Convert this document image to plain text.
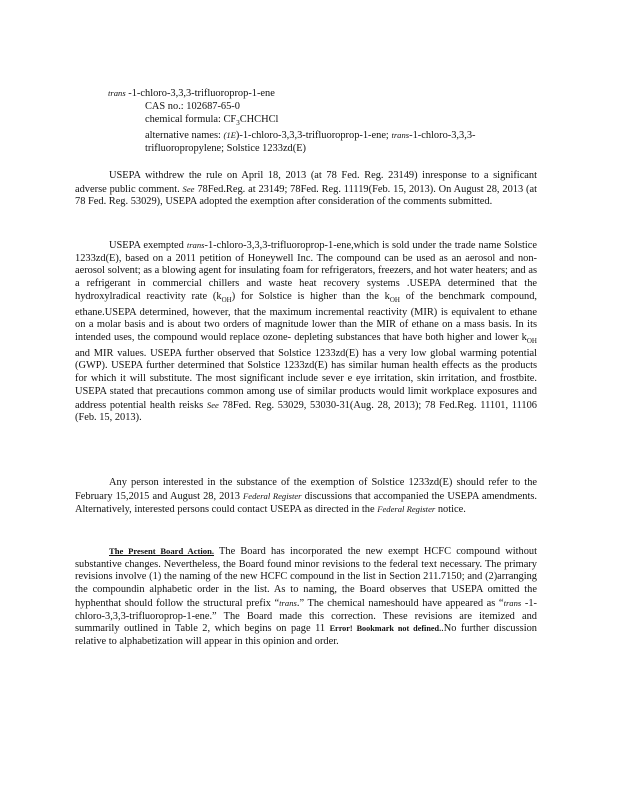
trans -1-chloro-3,3,3-trifluoroprop-1-ene
CAS no.: 102687-65-0
chemical formula: $CF_3CHCHCl$
alternative names: (1E)-1-chloro-3,3,3-trifluoroprop-1-ene; trans-1-chloro-3,3,3-
trifluoropropylene; Solstice 1233zd(E)

USEPA withdrew the rule on April 18, 2013 (at 78 Fed. Reg. 23149) inresponse to a significant adverse public comment. See 78Fed.Reg. at 23149; 78Fed. Reg. 11119(Feb. 15, 2013). On August 28, 2013 (at 78 Fed. Reg. 53029), USEPA adopted the exemption after consideration of the comments submitted.

USEPA exempted trans-1-chloro-3,3,3-trifluoroprop-1-ene,which is sold under the trade name Solstice 1233zd(E), based on a 2011 petition of Honeywell Inc. The compound can be used as an aerosol and non-aerosol solvent; as a blowing agent for insulating foam for refrigerators, freezers, and hot water heaters; and as a refrigerant in commercial chillers and waste heat recovery systems .USEPA determined that the hydroxylradical reactivity rate $(k_{OH})$ for Solstice is higher than the $k_{OH}$ of the benchmark compound, ethane.USEPA determined, however, that the maximum incremental reactivity (MIR) is equivalent to ethane on a molar basis and is about two orders of magnitude lower than the MIR of ethane on a mass basis. In its intended uses, the compound would replace ozone- depleting substances that have both higher and lower $k_{OH}$ and MIR values. USEPA further observed that Solstice 1233zd(E) has a very low global warming potential (GWP). USEPA further determined that Solstice 1233zd(E) has similar human health effects as the products for which it will substitute. The most significant include sever e eye irritation, skin irritation, and frostbite. USEPA stated that precautions common among use of similar products would limit workplace exposures and address potential health reisks See 78Fed. Reg. 53029, 53030-31(Aug. 28, 2013); 78 Fed.Reg. 11101, 11106 (Feb. 15, 2013).

Any person interested in the substance of the exemption of Solstice 1233zd(E) should refer to the February 15,2015 and August 28, 2013 Federal Register discussions that accompanied the USEPA amendments. Alternatively, interested persons could contact USEPA as directed in the Federal Register notice.

The Present Board Action. The Board has incorporated the new exempt HCFC compound without substantive changes. Nevertheless, the Board found minor revisions to the federal text necessary. The primary revisions involve (1) the naming of the new HCFC compound in the list in Section 211.7150; and (2)arranging the compoundin alphabetic order in the list. As to naming, the Board observes that USEPA omitted the hyphenthat should follow the structural prefix “trans.” The chemical nameshould have appeared as “trans -1-chloro-3,3,3-trifluoroprop-1-ene.” The Board made this correction. These revisions are itemized and summarily outlined in Table 2, which begins on page 11 Error! Bookmark not defined..No further discussion relative to alphabetization will appear in this opinion and order.
